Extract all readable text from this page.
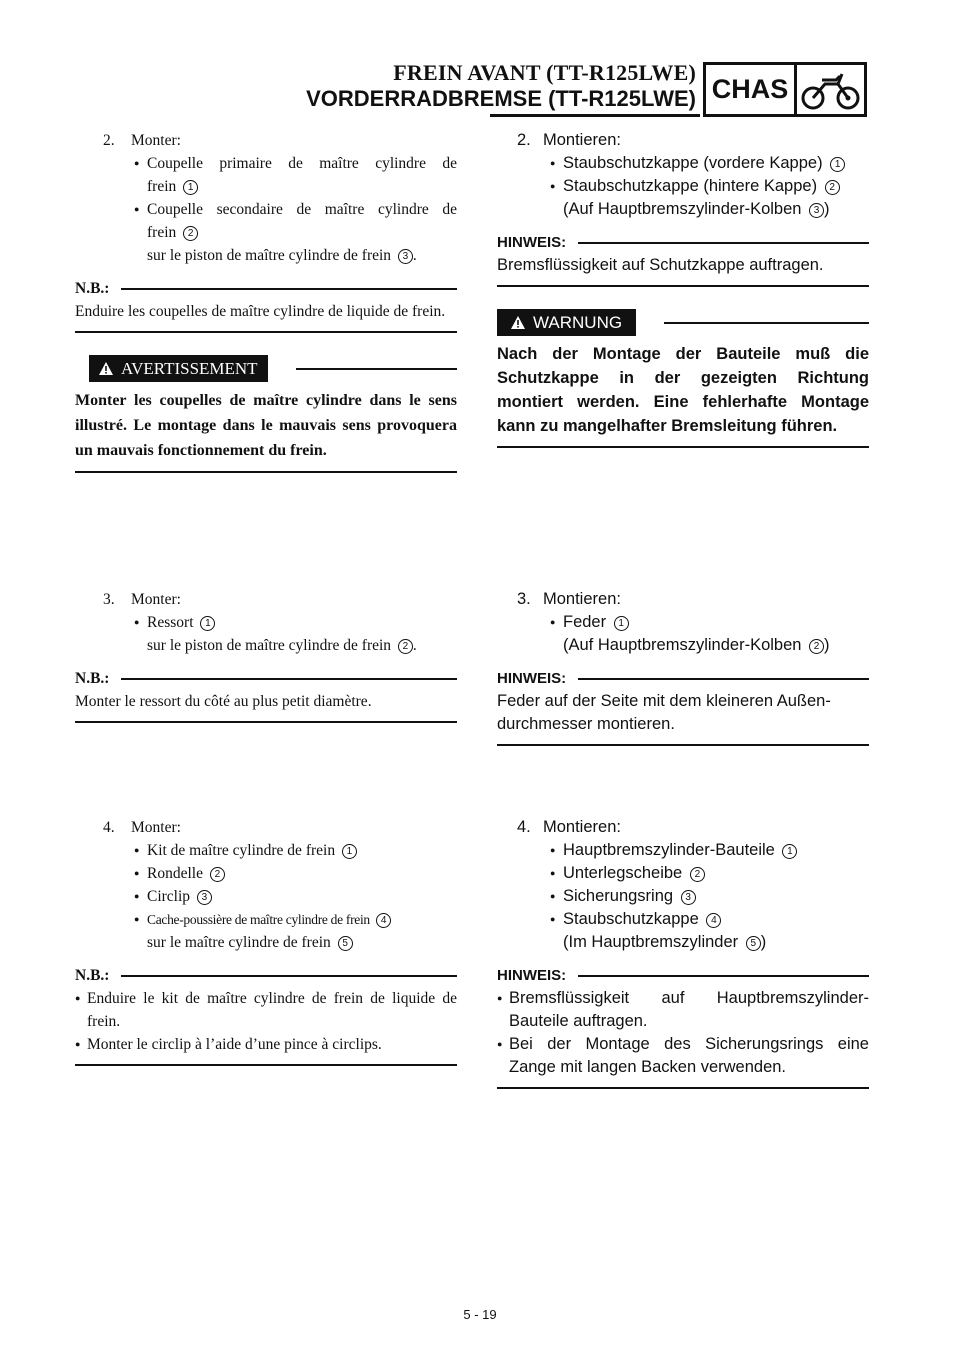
FREIN AVANT (TT-R125LWE)
VORDERRADBREMSE (TT-R125LWE) CHAS
2. Monter:
● Coupelle primaire de maître cylindre de
frein 1
● Coupelle secondaire de maître cylindre de
frein 2
sur le piston de maître cylindre de frein 3 .
N.B.:
Enduire les coupelles de maître cylindre de liquide de frein.
AVERTISSEMENT
Monter les coupelles de maître cylindre dans le sens illustré. Le montage dans le mauvais sens provoquera un mauvais fonctionnement du frein.
3. Monter:
● Ressort 1
sur le piston de maître cylindre de frein 2 .
N.B.:
Monter le ressort du côté au plus petit diamètre.
4. Monter:
● Kit de maître cylindre de frein 1
● Rondelle 2
● Circlip 3
● Cache-poussière de maître cylindre de frein 4
sur le maître cylindre de frein 5
N.B.:
● Enduire le kit de maître cylindre de frein de liquide de frein.
● Monter le circlip à l’aide d’une pince à circlips.
2. Montieren:
● Staubschutzkappe (vordere Kappe) 1
● Staubschutzkappe (hintere Kappe) 2
(Auf Hauptbremszylinder-Kolben 3 )
HINWEIS:
Bremsflüssigkeit auf Schutzkappe auftragen.
WARNUNG
Nach der Montage der Bauteile muß die Schutzkappe in der gezeigten Richtung montiert werden. Eine fehlerhafte Montage kann zu mangelhafter Bremsleitung führen.
3. Montieren:
● Feder 1
(Auf Hauptbremszylinder-Kolben 2 )
HINWEIS:
Feder auf der Seite mit dem kleineren Außen-durchmesser montieren.
4. Montieren:
● Hauptbremszylinder-Bauteile 1
● Unterlegscheibe 2
● Sicherungsring 3
● Staubschutzkappe 4
(Im Hauptbremszylinder 5 )
HINWEIS:
● Bremsflüssigkeit auf Hauptbremszylinder-Bauteile auftragen.
● Bei der Montage des Sicherungsrings eine Zange mit langen Backen verwenden.
5 - 19
